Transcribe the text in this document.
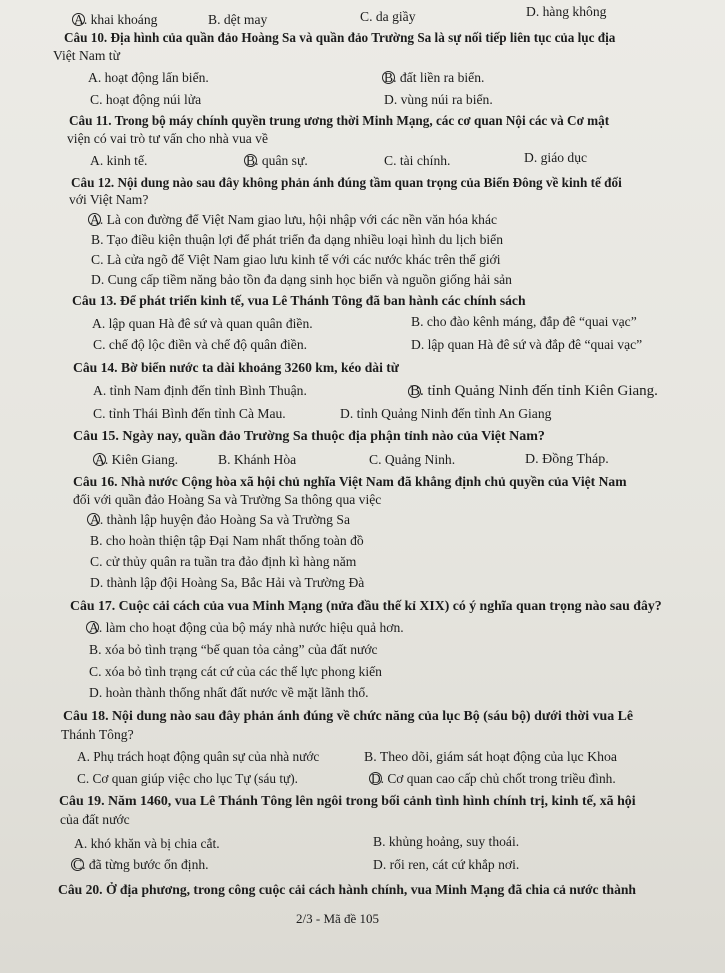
A. khai khoáng	B. dệt may	C. da giầy	D. hàng không
Câu 10. Địa hình của quần đảo Hoàng Sa và quần đảo Trường Sa là sự nối tiếp liên tục của lục địa
Việt Nam từ
A. hoạt động lấn biển.	B. đất liền ra biển.
C. hoạt động núi lửa	D. vùng núi ra biển.
Câu 11. Trong bộ máy chính quyền trung ương thời Minh Mạng, các cơ quan Nội các và Cơ mật
viện có vai trò tư vấn cho nhà vua về
A. kinh tế.	B. quân sự.	C. tài chính.	D. giáo dục
Câu 12. Nội dung nào sau đây không phản ánh đúng tầm quan trọng của Biển Đông về kinh tế đối
với Việt Nam?
A. Là con đường để Việt Nam giao lưu, hội nhập với các nền văn hóa khác
B. Tạo điều kiện thuận lợi để phát triển đa dạng nhiều loại hình du lịch biển
C. Là cửa ngõ để Việt Nam giao lưu kinh tế với các nước khác trên thế giới
D. Cung cấp tiềm năng bảo tồn đa dạng sinh học biển và nguồn giống hải sản
Câu 13. Để phát triển kinh tế, vua Lê Thánh Tông đã ban hành các chính sách
A. lập quan Hà đê sứ và quan quân điền.	B. cho đào kênh máng, đắp đê “quai vạc”
C. chế độ lộc điền và chế độ quân điền.	D. lập quan Hà đê sứ và đắp đê “quai vạc”
Câu 14. Bờ biển nước ta dài khoảng 3260 km, kéo dài từ
A. tỉnh Nam định đến tỉnh Bình Thuận.	B. tỉnh Quảng Ninh đến tỉnh Kiên Giang.
C. tỉnh Thái Bình đến tỉnh Cà Mau.	D. tỉnh Quảng Ninh đến tỉnh An Giang
Câu 15. Ngày nay, quần đảo Trường Sa thuộc địa phận tỉnh nào của Việt Nam?
A. Kiên Giang.	B. Khánh Hòa	C. Quảng Ninh.	D. Đồng Tháp.
Câu 16. Nhà nước Cộng hòa xã hội chủ nghĩa Việt Nam đã khẳng định chủ quyền của Việt Nam
đối với quần đảo Hoàng Sa và Trường Sa thông qua việc
A. thành lập huyện đảo Hoàng Sa và Trường Sa
B. cho hoàn thiện tập Đại Nam nhất thống toàn đồ
C. cử thủy quân ra tuần tra đảo định kì hàng năm
D. thành lập đội Hoàng Sa, Bắc Hải và Trường Đà
Câu 17. Cuộc cải cách của vua Minh Mạng (nửa đầu thế kỉ XIX) có ý nghĩa quan trọng nào sau đây?
A. làm cho hoạt động của bộ máy nhà nước hiệu quả hơn.
B. xóa bỏ tình trạng “bế quan tỏa cảng” của đất nước
C. xóa bỏ tình trạng cát cứ của các thế lực phong kiến
D. hoàn thành thống nhất đất nước về mặt lãnh thổ.
Câu 18. Nội dung nào sau đây phản ánh đúng về chức năng của lục Bộ (sáu bộ) dưới thời vua Lê
Thánh Tông?
A. Phụ trách hoạt động quân sự của nhà nước	B. Theo dõi, giám sát hoạt động của lục Khoa
C. Cơ quan giúp việc cho lục Tự (sáu tự).	D. Cơ quan cao cấp chủ chốt trong triều đình.
Câu 19. Năm 1460, vua Lê Thánh Tông lên ngôi trong bối cảnh tình hình chính trị, kinh tế, xã hội
của đất nước
A. khó khăn và bị chia cắt.	B. khủng hoảng, suy thoái.
C. đã từng bước ổn định.	D. rối ren, cát cứ khắp nơi.
Câu 20. Ở địa phương, trong công cuộc cải cách hành chính, vua Minh Mạng đã chia cả nước thành
2/3 - Mã đề 105
